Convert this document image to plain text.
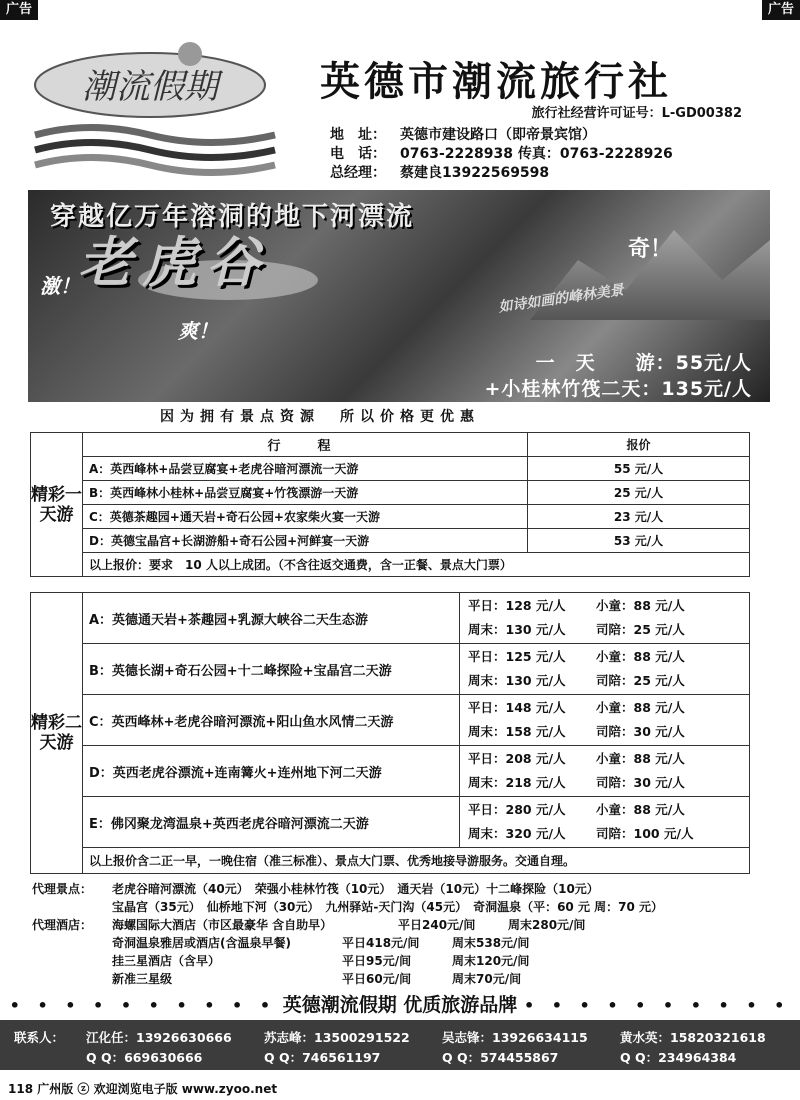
广告	广告
潮流假期	英德市潮流旅行社
旅行社经营许可证号：L-GD00382
地　址： 英德市建设路口（即帝景宾馆）
电　话： 0763-2228938 传真：0763-2228926
总经理： 蔡建良13922569598
穿越亿万年溶洞的地下河漂流
老虎谷
激！
爽！
奇！
如诗如画的峰林美景
一　天　　游：55元/人
+小桂林竹筏二天：135元/人
因为拥有景点资源　所以价格更优惠
精彩一天游	行　程	报价
	A：英西峰林+品尝豆腐宴+老虎谷暗河漂流一天游	55 元/人
	B：英西峰林小桂林+品尝豆腐宴+竹筏漂游一天游	25 元/人
	C：英德茶趣园+通天岩+奇石公园+农家柴火宴一天游	23 元/人
	D：英德宝晶宫+长湖游船+奇石公园+河鲜宴一天游	53 元/人
	以上报价：要求　10 人以上成团。（不含往返交通费，含一正餐、景点大门票）	
精彩二天游	A：英德通天岩+茶趣园+乳源大峡谷二天生态游	平日：128 元/人 小童：88 元/人
周末：130 元/人 司陪：25 元/人
	B：英德长湖+奇石公园+十二峰探险+宝晶宫二天游	平日：125 元/人 小童：88 元/人
周末：130 元/人 司陪：25 元/人
	C：英西峰林+老虎谷暗河漂流+阳山鱼水风情二天游	平日：148 元/人 小童：88 元/人
周末：158 元/人 司陪：30 元/人
	D：英西老虎谷漂流+连南篝火+连州地下河二天游	平日：208 元/人 小童：88 元/人
周末：218 元/人 司陪：30 元/人
	E：佛冈聚龙湾温泉+英西老虎谷暗河漂流二天游	平日：280 元/人 小童：88 元/人
周末：320 元/人 司陪：100 元/人
	以上报价含二正一早，一晚住宿（准三标准）、景点大门票、优秀地接导游服务。交通自理。	
代理景点： 老虎谷暗河漂流（40元）　荣强小桂林竹筏（10元）　通天岩（10元）十二峰探险（10元）
宝晶宫（35元）　仙桥地下河（30元）　九州驿站-天门沟（45元）　奇洞温泉（平：60 元 周：70 元）
代理酒店： 海螺国际大酒店（市区最豪华 含自助早）	平日240元/间	周末280元/间
奇洞温泉雅居或酒店(含温泉早餐)	平日418元/间	周末538元/间
挂三星酒店（含早）	平日95元/间	周末120元/间
新准三星级	平日60元/间	周末70元/间
• • • • • • • • • • 英德潮流假期 优质旅游品牌 • • • • • • • • • •
联系人： 江化任：13926630666
Q Q：669630666
苏志峰：13500291522
Q Q：746561197
吴志锋：13926634115
Q Q：574455867
黄水英：15820321618
Q Q：234964384
118 广州版 ⓩ 欢迎浏览电子版 www.zyoo.net
